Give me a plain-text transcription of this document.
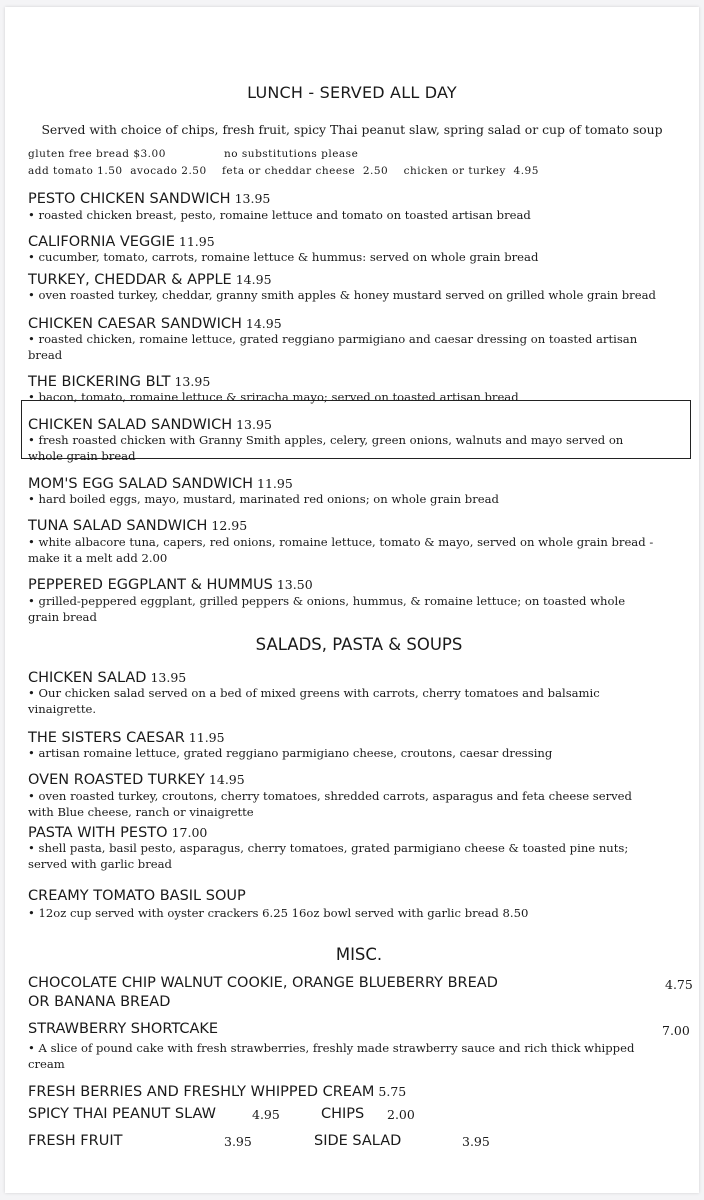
LUNCH - SERVED ALL DAY
Served with choice of chips, fresh fruit, spicy Thai peanut slaw, spring salad or cup of tomato soup
gluten free bread $3.00	no substitutions please
add tomato 1.50  avocado 2.50    feta or cheddar cheese  2.50    chicken or turkey  4.95
PESTO CHICKEN SANDWICH 13.95
• roasted chicken breast, pesto, romaine lettuce and tomato on toasted artisan bread
CALIFORNIA VEGGIE 11.95
• cucumber, tomato, carrots, romaine lettuce & hummus: served on whole grain bread
TURKEY, CHEDDAR & APPLE 14.95
• oven roasted turkey, cheddar, granny smith apples & honey mustard served on grilled whole grain bread
CHICKEN CAESAR SANDWICH 14.95
• roasted chicken, romaine lettuce, grated reggiano parmigiano and caesar dressing on toasted artisan bread
THE BICKERING BLT 13.95
• bacon, tomato, romaine lettuce & sriracha mayo; served on toasted artisan bread
CHICKEN SALAD SANDWICH 13.95
• fresh roasted chicken with Granny Smith apples, celery, green onions, walnuts and mayo served on whole grain bread
MOM'S EGG SALAD SANDWICH 11.95
• hard boiled eggs, mayo, mustard, marinated red onions; on whole grain bread
TUNA SALAD SANDWICH 12.95
• white albacore tuna, capers, red onions, romaine lettuce, tomato & mayo, served on whole grain bread - make it a melt add 2.00
PEPPERED EGGPLANT & HUMMUS 13.50
• grilled-peppered eggplant, grilled peppers & onions, hummus, & romaine lettuce; on toasted whole grain bread
SALADS, PASTA & SOUPS
CHICKEN SALAD 13.95
• Our chicken salad served on a bed of mixed greens with carrots, cherry tomatoes and balsamic vinaigrette.
THE SISTERS CAESAR 11.95
• artisan romaine lettuce, grated reggiano parmigiano cheese, croutons, caesar dressing
OVEN ROASTED TURKEY 14.95
• oven roasted turkey, croutons, cherry tomatoes, shredded carrots, asparagus and feta cheese served with Blue cheese, ranch or vinaigrette
PASTA WITH PESTO 17.00
• shell pasta, basil pesto, asparagus, cherry tomatoes, grated parmigiano cheese & toasted pine nuts; served with garlic bread
CREAMY TOMATO BASIL SOUP
• 12oz cup served with oyster crackers 6.25 16oz bowl served with garlic bread 8.50
MISC.
CHOCOLATE CHIP WALNUT COOKIE, ORANGE BLUEBERRY BREAD
OR BANANA BREAD
4.75
STRAWBERRY SHORTCAKE	7.00
• A slice of pound cake with fresh strawberries, freshly made strawberry sauce and rich thick whipped cream
FRESH BERRIES AND FRESHLY WHIPPED CREAM 5.75
SPICY THAI PEANUT SLAW	4.95	CHIPS 2.00
FRESH FRUIT	3.95	SIDE SALAD	3.95
